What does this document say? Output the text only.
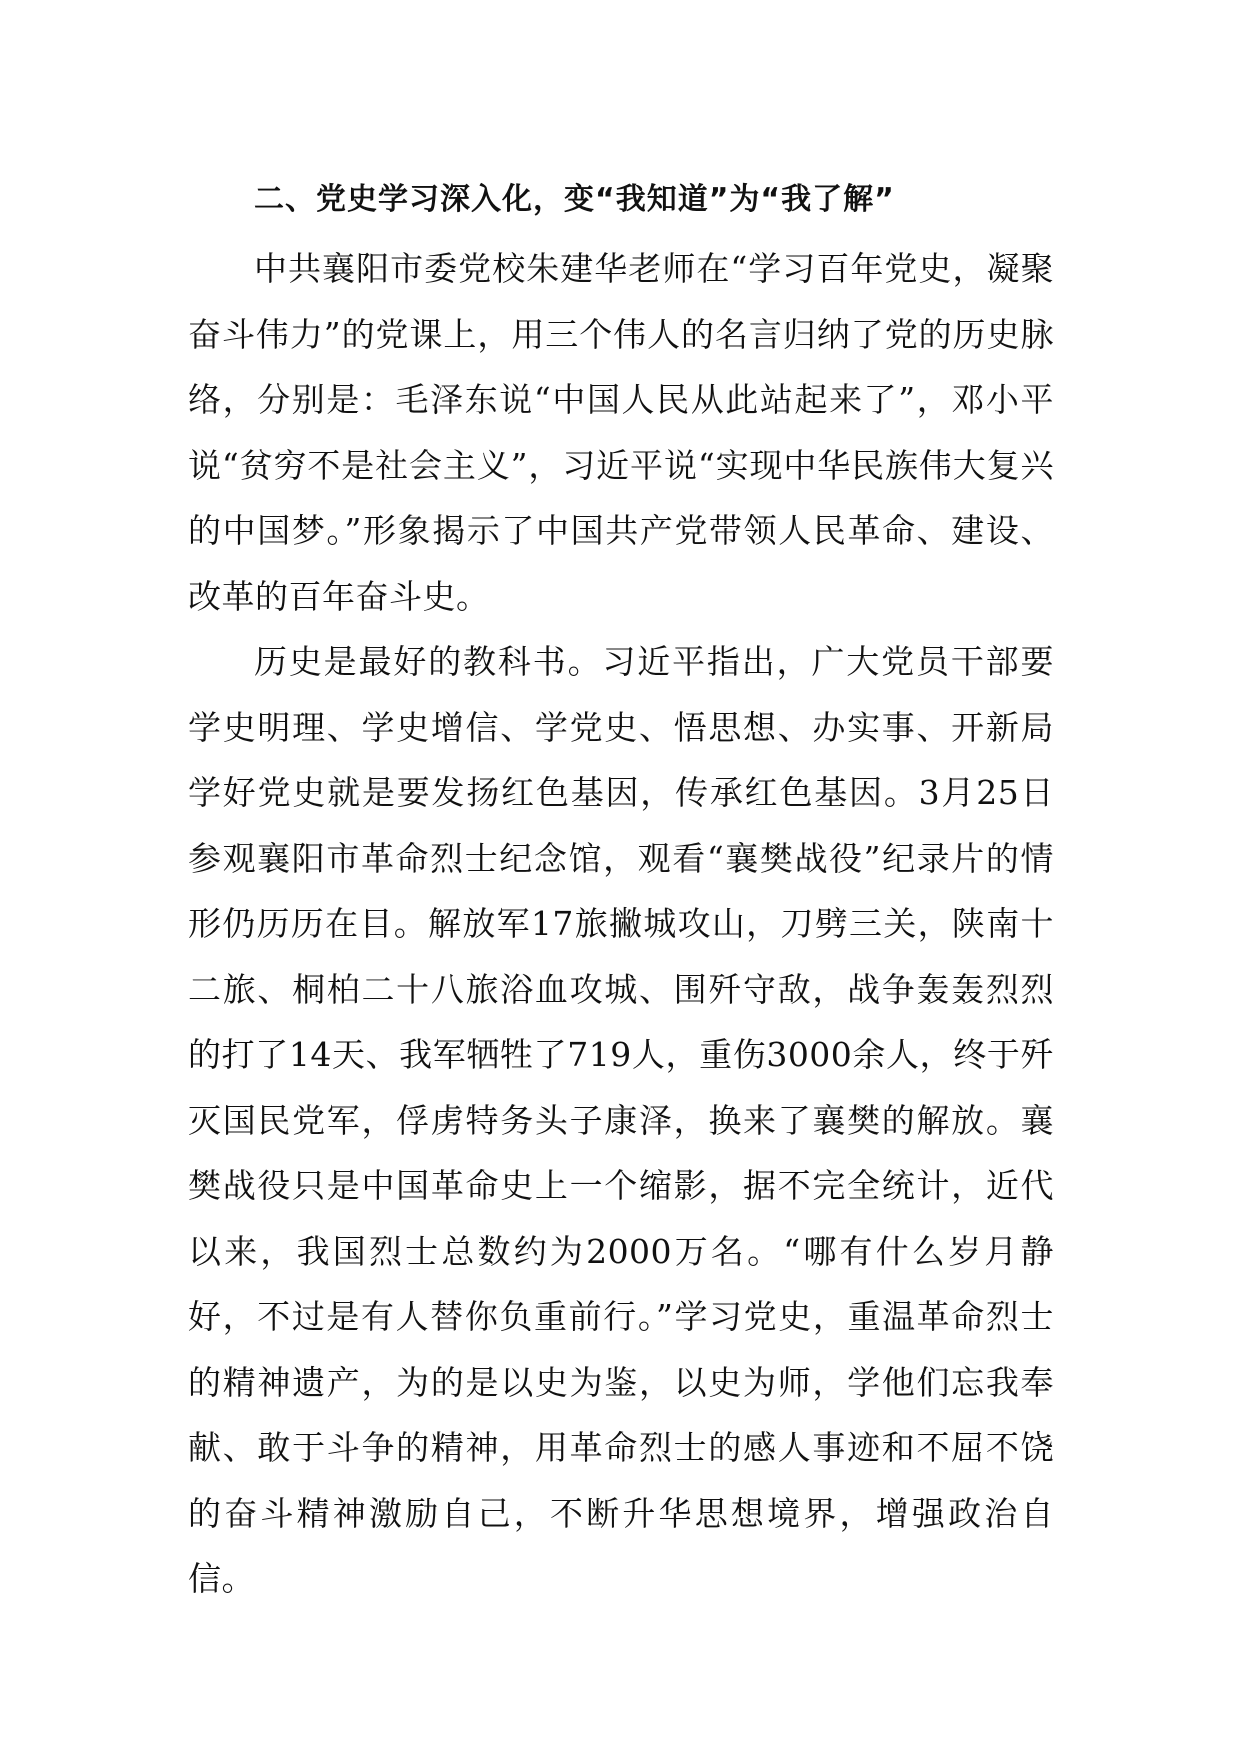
二、党史学习深入化，变“我知道”为“我了解”

中共襄阳市委党校朱建华老师在“学习百年党史，凝聚奋斗伟力”的党课上，用三个伟人的名言归纳了党的历史脉络，分别是：毛泽东说“中国人民从此站起来了”，邓小平说“贫穷不是社会主义”，习近平说“实现中华民族伟大复兴的中国梦。”形象揭示了中国共产党带领人民革命、建设、改革的百年奋斗史。

历史是最好的教科书。习近平指出，广大党员干部要学史明理、学史增信、学党史、悟思想、办实事、开新局学好党史就是要发扬红色基因，传承红色基因。3月25日参观襄阳市革命烈士纪念馆，观看“襄樊战役”纪录片的情形仍历历在目。解放军17旅撇城攻山，刀劈三关，陕南十二旅、桐柏二十八旅浴血攻城、围歼守敌，战争轰轰烈烈的打了14天、我军牺牲了719人，重伤3000余人，终于歼灭国民党军，俘虏特务头子康泽，换来了襄樊的解放。襄樊战役只是中国革命史上一个缩影，据不完全统计，近代以来，我国烈士总数约为2000万名。“哪有什么岁月静好，不过是有人替你负重前行。”学习党史，重温革命烈士的精神遗产，为的是以史为鉴，以史为师，学他们忘我奉献、敢于斗争的精神，用革命烈士的感人事迹和不屈不饶的奋斗精神激励自己，不断升华思想境界，增强政治自信。
